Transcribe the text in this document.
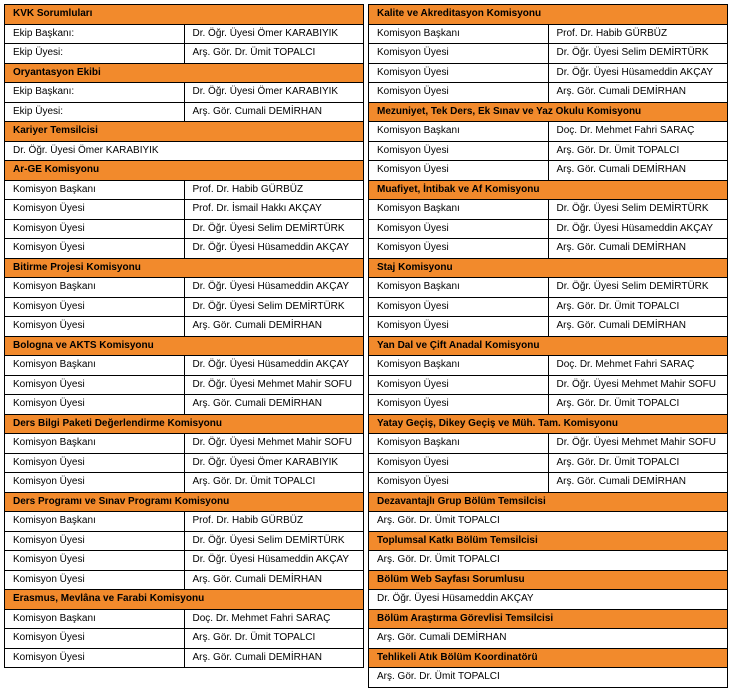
KVK Sorumluları	
Ekip Başkanı:	Dr. Öğr. Üyesi Ömer KARABIYIK
Ekip Üyesi:	Arş. Gör. Dr. Ümit TOPALCI
Oryantasyon Ekibi	
Ekip Başkanı:	Dr. Öğr. Üyesi Ömer KARABIYIK
Ekip Üyesi:	Arş. Gör. Cumali DEMİRHAN
Kariyer Temsilcisi	
Dr. Öğr. Üyesi Ömer KARABIYIK	
Ar-GE Komisyonu	
Komisyon Başkanı	Prof. Dr. Habib GÜRBÜZ
Komisyon Üyesi	Prof. Dr. İsmail Hakkı AKÇAY
Komisyon Üyesi	Dr. Öğr. Üyesi Selim DEMİRTÜRK
Komisyon Üyesi	Dr. Öğr. Üyesi Hüsameddin AKÇAY
Bitirme Projesi Komisyonu	
Komisyon Başkanı	Dr. Öğr. Üyesi Hüsameddin AKÇAY
Komisyon Üyesi	Dr. Öğr. Üyesi Selim DEMİRTÜRK
Komisyon Üyesi	Arş. Gör. Cumali DEMİRHAN
Bologna ve AKTS Komisyonu	
Komisyon Başkanı	Dr. Öğr. Üyesi Hüsameddin AKÇAY
Komisyon Üyesi	Dr. Öğr. Üyesi Mehmet Mahir SOFU
Komisyon Üyesi	Arş. Gör. Cumali DEMİRHAN
Ders Bilgi Paketi Değerlendirme Komisyonu	
Komisyon Başkanı	Dr. Öğr. Üyesi Mehmet Mahir SOFU
Komisyon Üyesi	Dr. Öğr. Üyesi Ömer KARABIYIK
Komisyon Üyesi	Arş. Gör. Dr. Ümit TOPALCI
Ders Programı ve Sınav Programı Komisyonu	
Komisyon Başkanı	Prof. Dr. Habib GÜRBÜZ
Komisyon Üyesi	Dr. Öğr. Üyesi Selim DEMİRTÜRK
Komisyon Üyesi	Dr. Öğr. Üyesi Hüsameddin AKÇAY
Komisyon Üyesi	Arş. Gör. Cumali DEMİRHAN
Erasmus, Mevlâna ve Farabi Komisyonu	
Komisyon Başkanı	Doç. Dr. Mehmet Fahri SARAÇ
Komisyon Üyesi	Arş. Gör. Dr. Ümit TOPALCI
Komisyon Üyesi	Arş. Gör. Cumali DEMİRHAN
Kalite ve Akreditasyon Komisyonu	
Komisyon Başkanı	Prof. Dr. Habib GÜRBÜZ
Komisyon Üyesi	Dr. Öğr. Üyesi Selim DEMİRTÜRK
Komisyon Üyesi	Dr. Öğr. Üyesi Hüsameddin AKÇAY
Komisyon Üyesi	Arş. Gör. Cumali DEMİRHAN
Mezuniyet, Tek Ders, Ek Sınav ve Yaz Okulu Komisyonu	
Komisyon Başkanı	Doç. Dr. Mehmet Fahri SARAÇ
Komisyon Üyesi	Arş. Gör. Dr. Ümit TOPALCI
Komisyon Üyesi	Arş. Gör. Cumali DEMİRHAN
Muafiyet, İntibak ve Af Komisyonu	
Komisyon Başkanı	Dr. Öğr. Üyesi Selim DEMİRTÜRK
Komisyon Üyesi	Dr. Öğr. Üyesi Hüsameddin AKÇAY
Komisyon Üyesi	Arş. Gör. Cumali DEMİRHAN
Staj Komisyonu	
Komisyon Başkanı	Dr. Öğr. Üyesi Selim DEMİRTÜRK
Komisyon Üyesi	Arş. Gör. Dr. Ümit TOPALCI
Komisyon Üyesi	Arş. Gör. Cumali DEMİRHAN
Yan Dal ve Çift Anadal Komisyonu	
Komisyon Başkanı	Doç. Dr. Mehmet Fahri SARAÇ
Komisyon Üyesi	Dr. Öğr. Üyesi Mehmet Mahir SOFU
Komisyon Üyesi	Arş. Gör. Dr. Ümit TOPALCI
Yatay Geçiş, Dikey Geçiş ve Müh. Tam. Komisyonu	
Komisyon Başkanı	Dr. Öğr. Üyesi Mehmet Mahir SOFU
Komisyon Üyesi	Arş. Gör. Dr. Ümit TOPALCI
Komisyon Üyesi	Arş. Gör. Cumali DEMİRHAN
Dezavantajlı Grup Bölüm Temsilcisi	
Arş. Gör. Dr. Ümit TOPALCI	
Toplumsal Katkı Bölüm Temsilcisi	
Arş. Gör. Dr. Ümit TOPALCI	
Bölüm Web Sayfası Sorumlusu	
Dr. Öğr. Üyesi Hüsameddin AKÇAY	
Bölüm Araştırma Görevlisi Temsilcisi	
Arş. Gör. Cumali DEMİRHAN	
Tehlikeli Atık Bölüm Koordinatörü	
Arş. Gör. Dr. Ümit TOPALCI	
